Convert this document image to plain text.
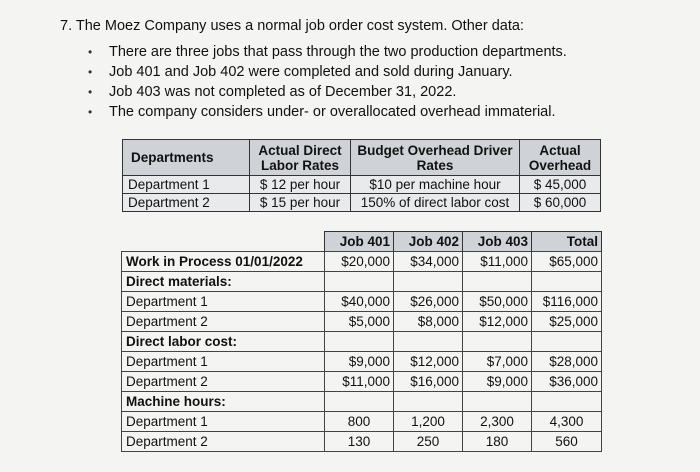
7. The Moez Company uses a normal job order cost system. Other data:
• There are three jobs that pass through the two production departments.
• Job 401 and Job 402 were completed and sold during January.
• Job 403 was not completed as of December 31, 2022.
• The company considers under- or overallocated overhead immaterial.
Departments	Actual Direct Labor Rates	Budget Overhead Driver Rates	Actual Overhead
Department 1	$ 12 per hour	$10 per machine hour	$ 45,000
Department 2	$ 15 per hour	150% of direct labor cost	$ 60,000
	Job 401	Job 402	Job 403	Total
Work in Process 01/01/2022	$20,000	$34,000	$11,000	$65,000
Direct materials:				
Department 1	$40,000	$26,000	$50,000	$116,000
Department 2	$5,000	$8,000	$12,000	$25,000
Direct labor cost:				
Department 1	$9,000	$12,000	$7,000	$28,000
Department 2	$11,000	$16,000	$9,000	$36,000
Machine hours:				
Department 1	800	1,200	2,300	4,300
Department 2	130	250	180	560
